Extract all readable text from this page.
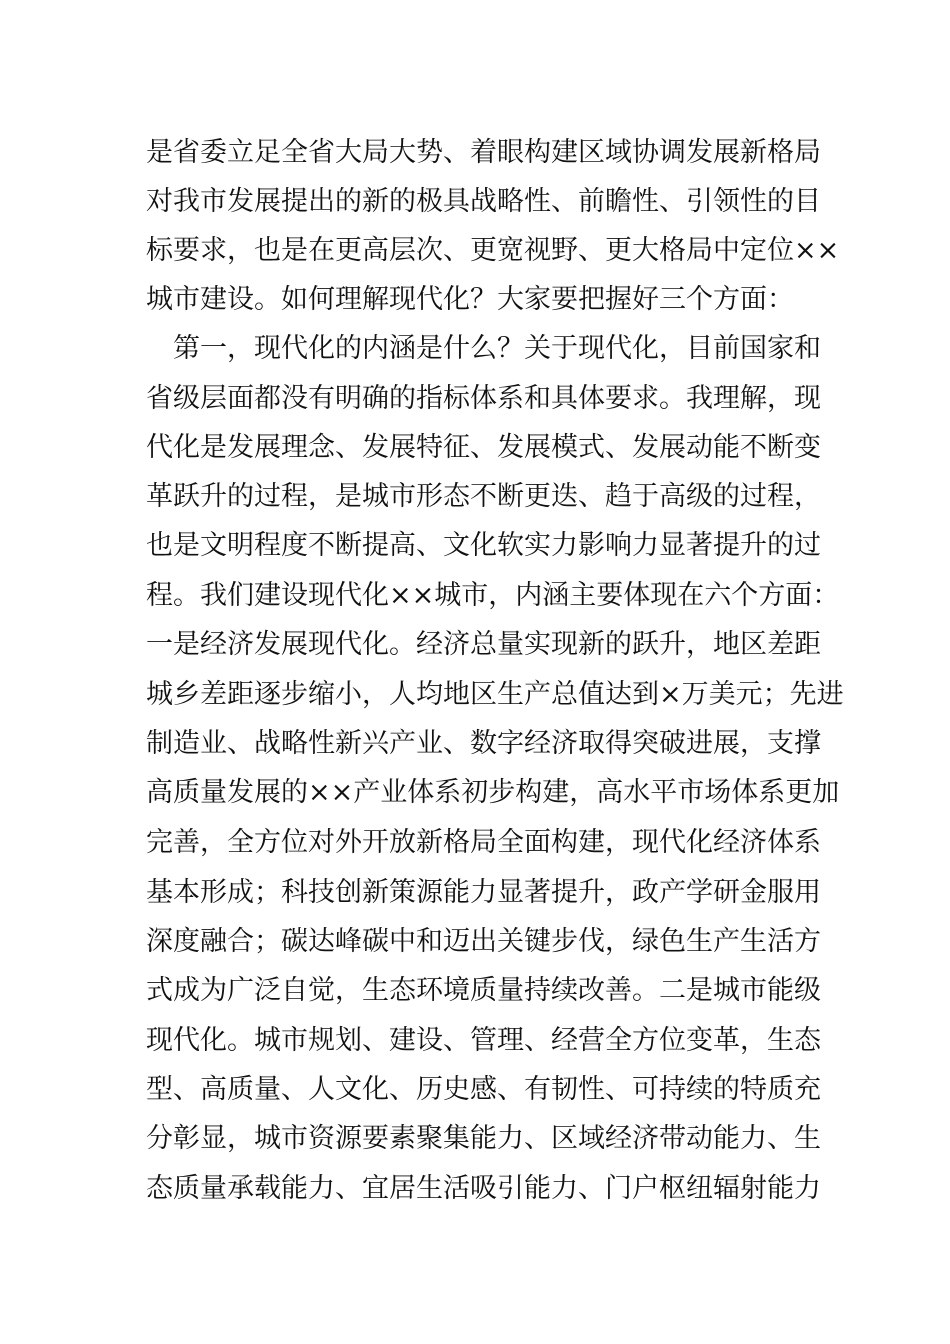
是省委立足全省大局大势、着眼构建区域协调发展新格局
对我市发展提出的新的极具战略性、前瞻性、引领性的目
标要求，也是在更高层次、更宽视野、更大格局中定位××
城市建设。如何理解现代化？大家要把握好三个方面：
　第一，现代化的内涵是什么？关于现代化，目前国家和
省级层面都没有明确的指标体系和具体要求。我理解，现
代化是发展理念、发展特征、发展模式、发展动能不断变
革跃升的过程，是城市形态不断更迭、趋于高级的过程，
也是文明程度不断提高、文化软实力影响力显著提升的过
程。我们建设现代化××城市，内涵主要体现在六个方面：
一是经济发展现代化。经济总量实现新的跃升，地区差距
城乡差距逐步缩小，人均地区生产总值达到×万美元；先进
制造业、战略性新兴产业、数字经济取得突破进展，支撑
高质量发展的××产业体系初步构建，高水平市场体系更加
完善，全方位对外开放新格局全面构建，现代化经济体系
基本形成；科技创新策源能力显著提升，政产学研金服用
深度融合；碳达峰碳中和迈出关键步伐，绿色生产生活方
式成为广泛自觉，生态环境质量持续改善。二是城市能级
现代化。城市规划、建设、管理、经营全方位变革，生态
型、高质量、人文化、历史感、有韧性、可持续的特质充
分彰显，城市资源要素聚集能力、区域经济带动能力、生
态质量承载能力、宜居生活吸引能力、门户枢纽辐射能力
